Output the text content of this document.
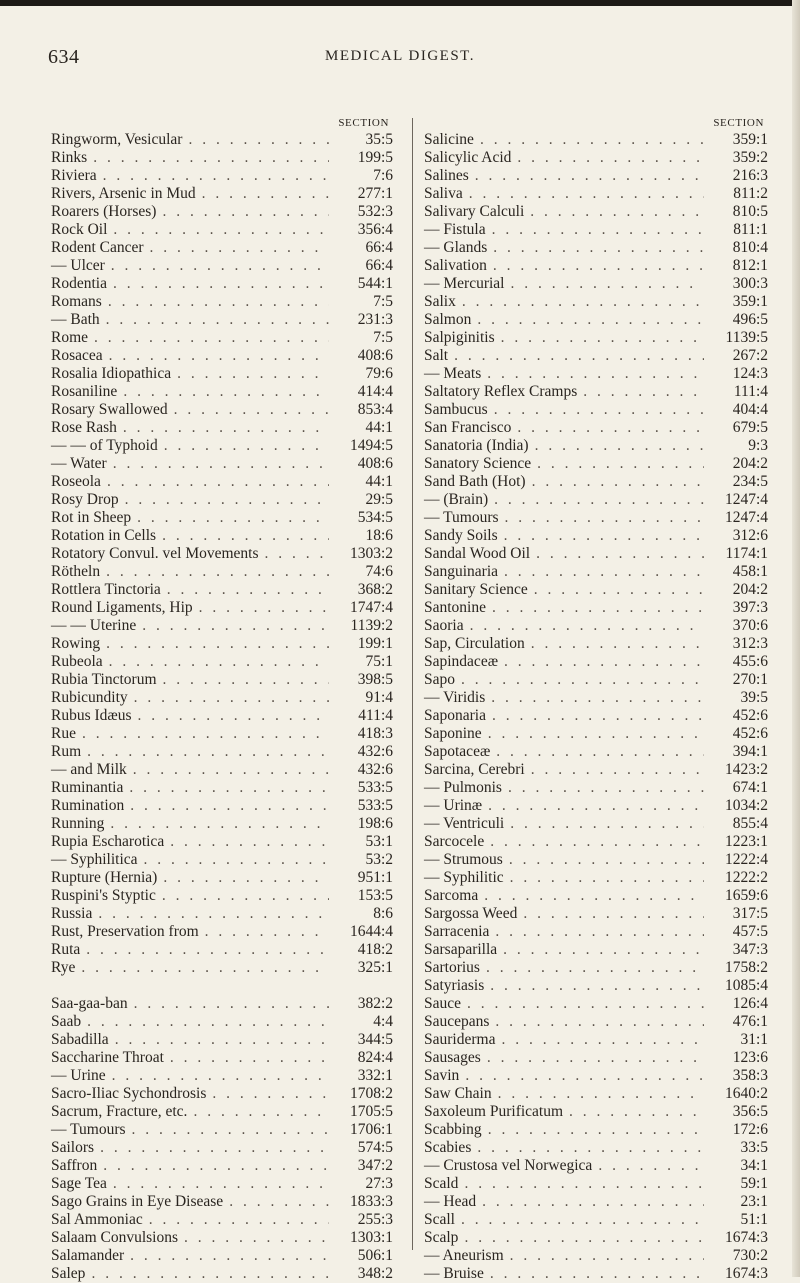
634	MEDICAL DIGEST.
SECTION
Ringworm, Vesicular . . .	35:5
Rinks . . .	199:5
Riviera . . .	7:6
Rivers, Arsenic in Mud . . .	277:1
Roarers (Horses) . . .	532:3
Rock Oil . . .	356:4
Rodent Cancer . . .	66:4
— Ulcer . . .	66:4
Rodentia . . .	544:1
Romans . . .	7:5
— Bath . . .	231:3
Rome . . .	7:5
Rosacea . . .	408:6
Rosalia Idiopathica . . .	79:6
Rosaniline . . .	414:4
Rosary Swallowed . . .	853:4
Rose Rash . . .	44:1
— — of Typhoid . . .	1494:5
— Water . . .	408:6
Roseola . . .	44:1
Rosy Drop . . .	29:5
Rot in Sheep . . .	534:5
Rotation in Cells . . .	18:6
Rotatory Convul. vel Movements . . .	1303:2
Rötheln . . .	74:6
Rottlera Tinctoria . . .	368:2
Round Ligaments, Hip . . .	1747:4
— — Uterine . . .	1139:2
Rowing . . .	199:1
Rubeola . . .	75:1
Rubia Tinctorum . . .	398:5
Rubicundity . . .	91:4
Rubus Idæus . . .	411:4
Rue . . .	418:3
Rum . . .	432:6
— and Milk . . .	432:6
Ruminantia . . .	533:5
Rumination . . .	533:5
Running . . .	198:6
Rupia Escharotica . . .	53:1
— Syphilitica . . .	53:2
Rupture (Hernia) . . .	951:1
Ruspini's Styptic . . .	153:5
Russia . . .	8:6
Rust, Preservation from . . .	1644:4
Ruta . . .	418:2
Rye . . .	325:1
Saa-gaa-ban . . .	382:2
Saab . . .	4:4
Sabadilla . . .	344:5
Saccharine Throat . . .	824:4
— Urine . . .	332:1
Sacro-Iliac Sychondrosis . . .	1708:2
Sacrum, Fracture, etc. . . .	1705:5
— Tumours . . .	1706:1
Sailors . . .	574:5
Saffron . . .	347:2
Sage Tea . . .	27:3
Sago Grains in Eye Disease . . .	1833:3
Sal Ammoniac . . .	255:3
Salaam Convulsions . . .	1303:1
Salamander . . .	506:1
Salep . . .	348:2
SECTION
Salicine . . .	359:1
Salicylic Acid . . .	359:2
Salines . . .	216:3
Saliva . . .	811:2
Salivary Calculi . . .	810:5
— Fistula . . .	811:1
— Glands . . .	810:4
Salivation . . .	812:1
— Mercurial . . .	300:3
Salix . . .	359:1
Salmon . . .	496:5
Salpiginitis . . .	1139:5
Salt . . .	267:2
— Meats . . .	124:3
Saltatory Reflex Cramps . . .	111:4
Sambucus . . .	404:4
San Francisco . . .	679:5
Sanatoria (India) . . .	9:3
Sanatory Science . . .	204:2
Sand Bath (Hot) . . .	234:5
— (Brain) . . .	1247:4
— Tumours . . .	1247:4
Sandy Soils . . .	312:6
Sandal Wood Oil . . .	1174:1
Sanguinaria . . .	458:1
Sanitary Science . . .	204:2
Santonine . . .	397:3
Saoria . . .	370:6
Sap, Circulation . . .	312:3
Sapindaceæ . . .	455:6
Sapo . . .	270:1
— Viridis . . .	39:5
Saponaria . . .	452:6
Saponine . . .	452:6
Sapotaceæ . . .	394:1
Sarcina, Cerebri . . .	1423:2
— Pulmonis . . .	674:1
— Urinæ . . .	1034:2
— Ventriculi . . .	855:4
Sarcocele . . .	1223:1
— Strumous . . .	1222:4
— Syphilitic . . .	1222:2
Sarcoma . . .	1659:6
Sargossa Weed . . .	317:5
Sarracenia . . .	457:5
Sarsaparilla . . .	347:3
Sartorius . . .	1758:2
Satyriasis . . .	1085:4
Sauce . . .	126:4
Saucepans . . .	476:1
Sauriderma . . .	31:1
Sausages . . .	123:6
Savin . . .	358:3
Saw Chain . . .	1640:2
Saxoleum Purificatum . . .	356:5
Scabbing . . .	172:6
Scabies . . .	33:5
— Crustosa vel Norwegica . . .	34:1
Scald . . .	59:1
— Head . . .	23:1
Scall . . .	51:1
Scalp . . .	1674:3
— Aneurism . . .	730:2
— Bruise . . .	1674:3
